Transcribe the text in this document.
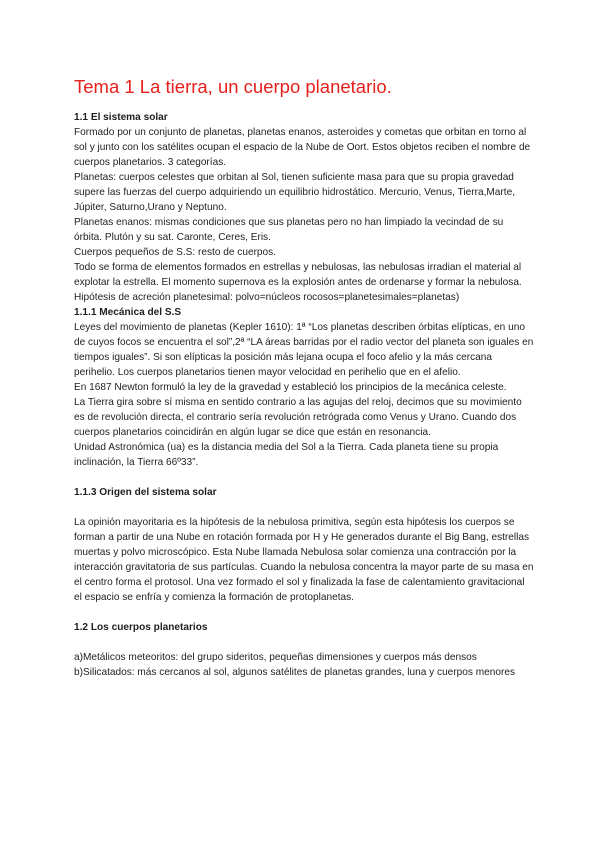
Tema 1 La tierra, un cuerpo planetario.

1.1 El sistema solar

Formado por un conjunto de planetas, planetas enanos, asteroides y cometas que orbitan en torno al sol y junto con los satélites ocupan el espacio de la Nube de Oort. Estos objetos reciben el nombre de cuerpos planetarios. 3 categorías.

Planetas: cuerpos celestes que orbitan al Sol, tienen suficiente masa para que su propia gravedad supere las fuerzas del cuerpo adquiriendo un equilibrio hidrostático. Mercurio, Venus, Tierra,Marte, Júpiter, Saturno,Urano y Neptuno.

Planetas enanos: mismas condiciones que sus planetas pero no han limpiado la vecindad de su órbita. Plutón y su sat. Caronte, Ceres, Eris.

Cuerpos pequeños de S.S: resto de cuerpos.

Todo se forma de elementos formados en estrellas y nebulosas, las nebulosas irradian el material al explotar la estrella. El momento supernova es la explosión antes de ordenarse y formar la nebulosa.

Hipótesis de acreción planetesimal: polvo=núcleos rocosos=planetesimales=planetas)

1.1.1 Mecánica del S.S

Leyes del movimiento de planetas (Kepler 1610): 1ª “Los planetas describen órbitas elípticas, en uno de cuyos focos se encuentra el sol”,2ª “LA áreas barridas por el radio vector del planeta son iguales en tiempos iguales”. Si son elípticas la posición más lejana ocupa el foco afelio y la más cercana perihelio. Los cuerpos planetarios tienen mayor velocidad en perihelio que en el afelio.

En 1687 Newton formuló la ley de la gravedad y estableció los principios de la mecánica celeste.

La Tierra gira sobre sí misma en sentido contrario a las agujas del reloj, decimos que su movimiento es de revolución directa, el contrario sería revolución retrógrada como Venus y Urano. Cuando dos cuerpos planetarios coincidirán en algún lugar se dice que están en resonancia.

Unidad Astronómica (ua) es la distancia media del Sol a la Tierra. Cada planeta tiene su propia inclinación, la Tierra 66º33”.

1.1.3 Origen del sistema solar

La opinión mayoritaria es la hipótesis de la nebulosa primitiva, según esta hipótesis los cuerpos se forman a partir de una Nube en rotación formada por H y He generados durante el Big Bang, estrellas muertas y polvo microscópico. Esta Nube llamada Nebulosa solar comienza una contracción por la interacción gravitatoria de sus partículas. Cuando la nebulosa concentra la mayor parte de su masa en el centro forma el protosol. Una vez formado el sol y finalizada la fase de calentamiento gravitacional el espacio se enfría y comienza la formación de protoplanetas.

1.2 Los cuerpos planetarios

a)Metálicos meteoritos: del grupo sideritos, pequeñas dimensiones y cuerpos más densos

b)Silicatados: más cercanos al sol, algunos satélites de planetas grandes, luna y cuerpos menores
